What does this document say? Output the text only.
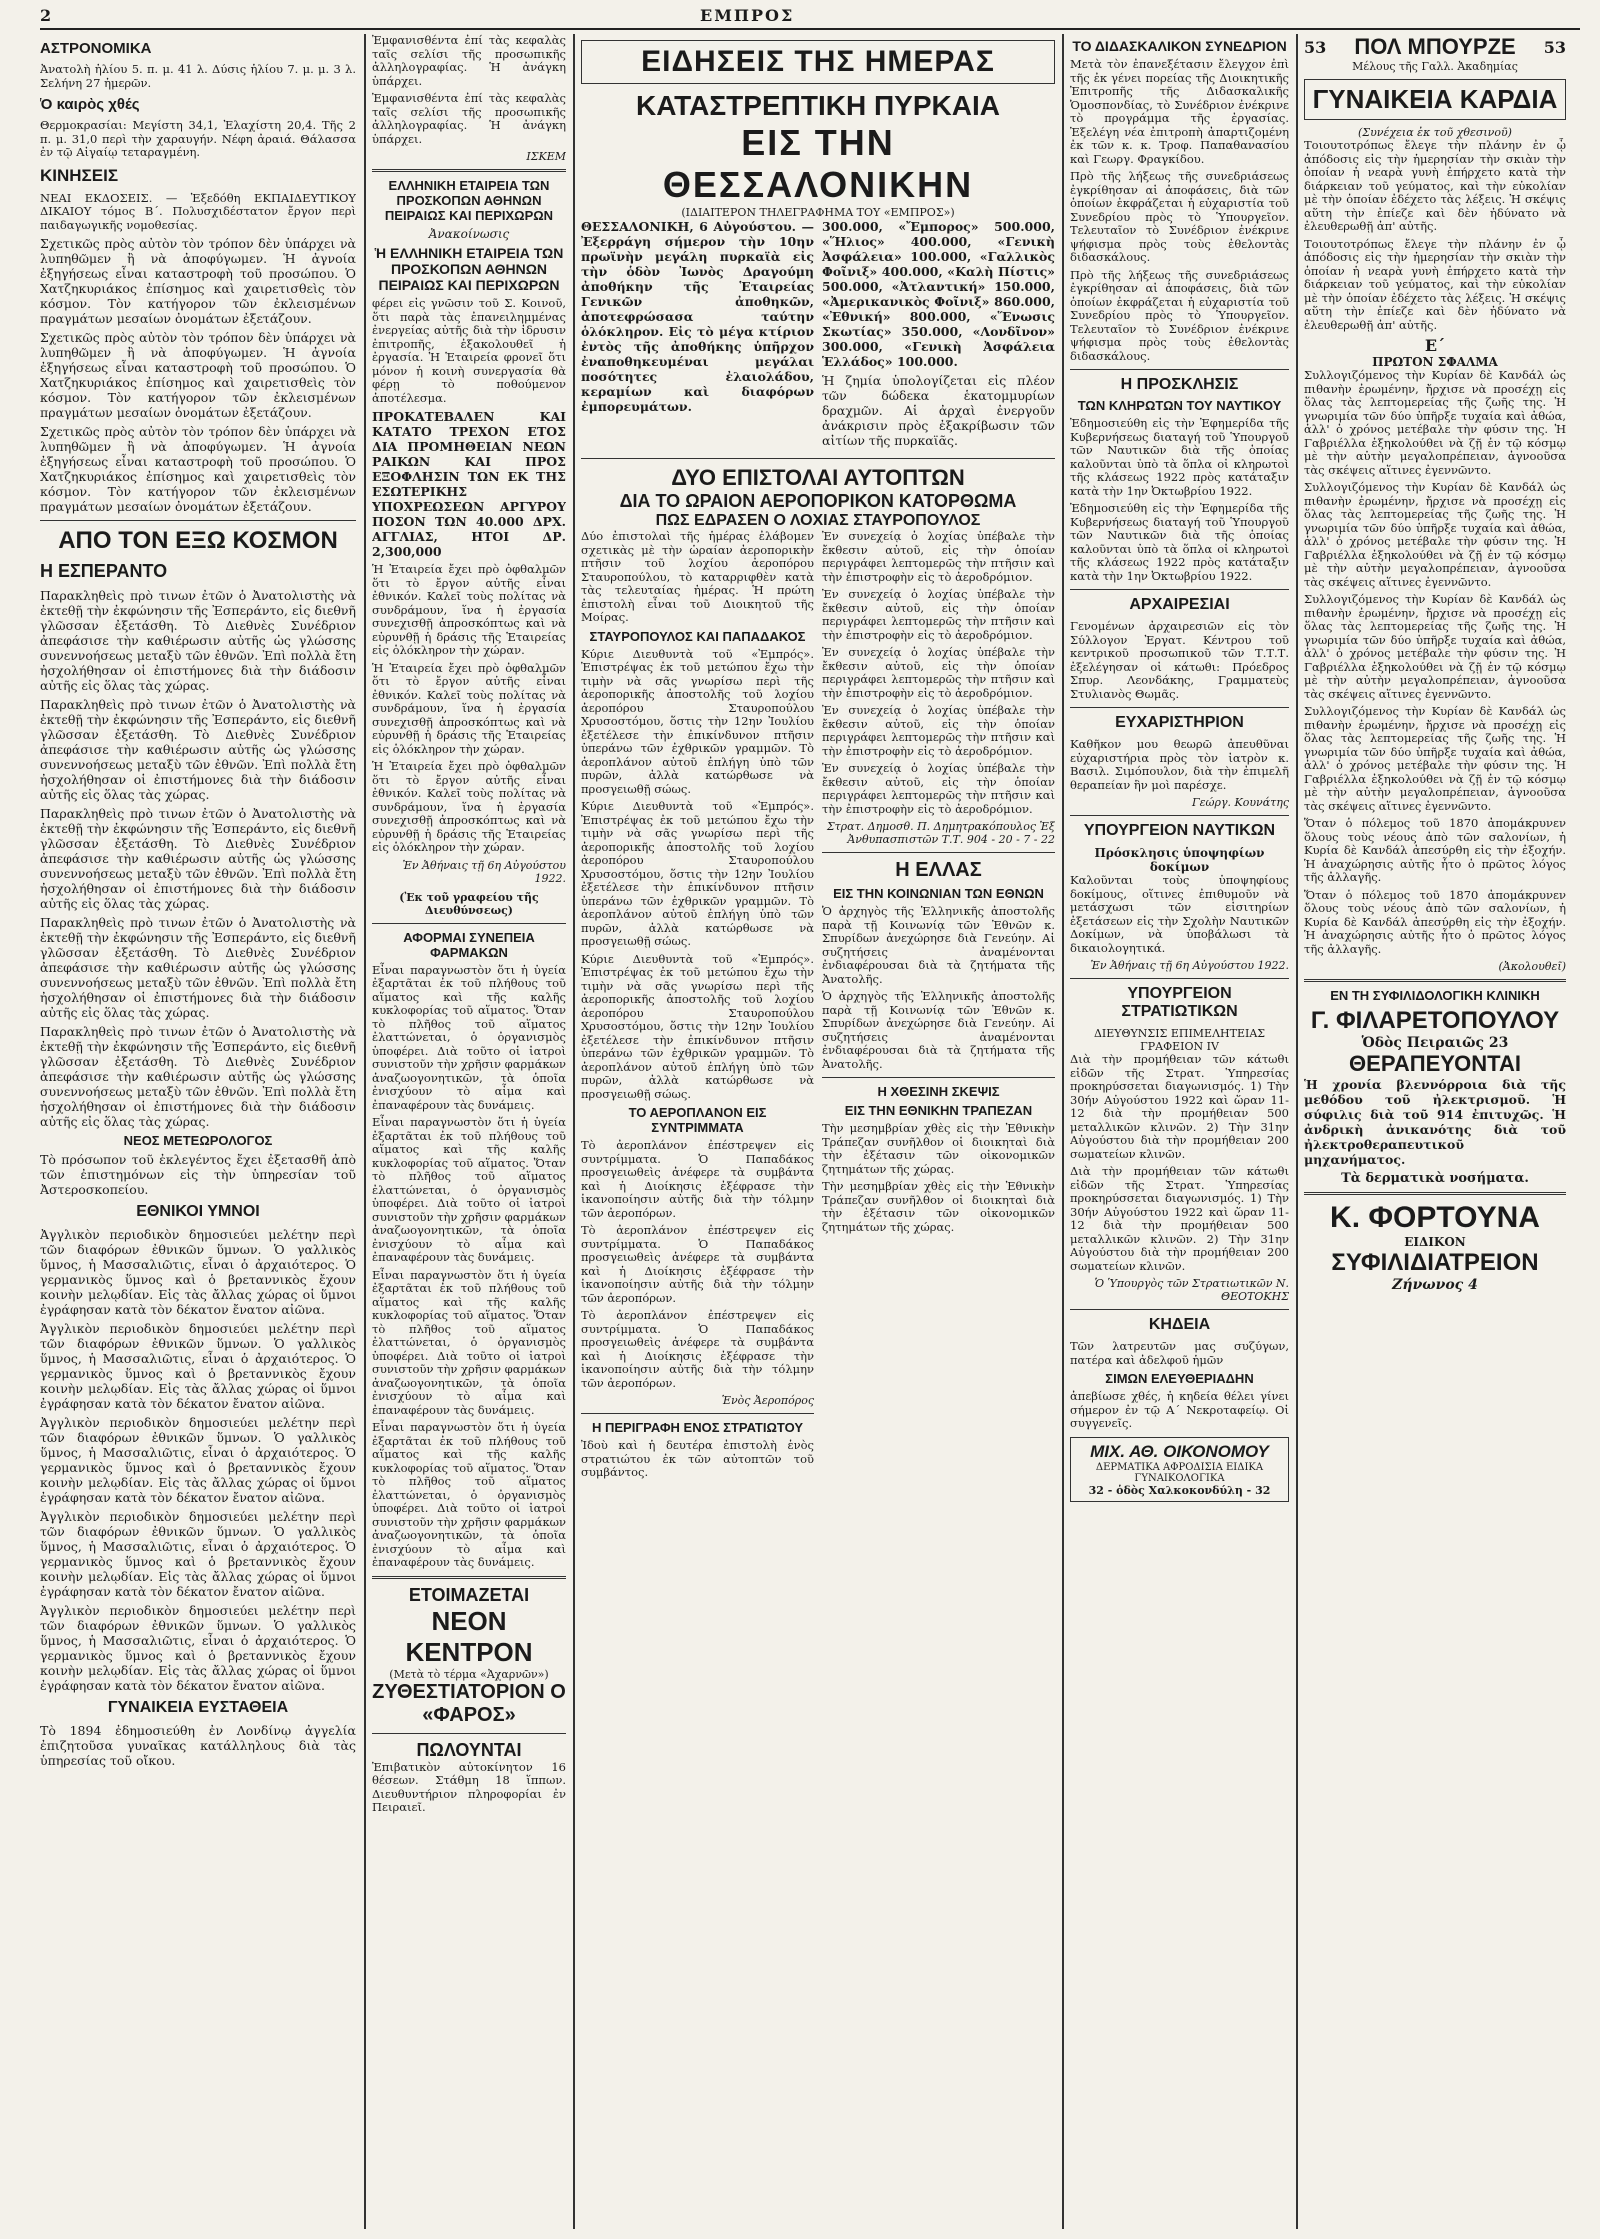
2	ΕΜΠΡΟΣ
ΑΣΤΡΟΝΟΜΙΚΑ

Ἀνατολὴ ἡλίου 5. π. μ. 41 λ. Δύσις ἡλίου 7. μ. μ. 3 λ. Σελήνη 27 ἡμερῶν.

Ὁ καιρὸς χθές

Θερμοκρασίαι: Μεγίστη 34,1, Ἐλαχίστη 20,4. Τῆς 2 π. μ. 31,0 περὶ τὴν χαραυγήν. Νέφη ἀραιά. Θάλασσα ἐν τῷ Αἰγαίῳ τεταραγμένη.

ΚΙΝΗΣΕΙΣ

ΝΕΑΙ ΕΚΔΟΣΕΙΣ. — Ἐξεδόθη ΕΚΠΑΙΔΕΥΤΙΚΟΥ ΔΙΚΑΙΟΥ τόμος Β΄. Πολυσχιδέστατον ἔργον περὶ παιδαγωγικῆς νομοθεσίας.

Σχετικῶς πρὸς αὐτὸν τὸν τρόπον δὲν ὑπάρχει νὰ λυπηθῶμεν ἢ νὰ ἀποφύγωμεν. Ἡ ἀγνοία ἐξηγήσεως εἶναι καταστροφὴ τοῦ προσώπου. Ὁ Χατζηκυριάκος ἐπίσημος καὶ χαιρετισθεὶς τὸν κόσμον. Τὸν κατήγορον τῶν ἐκλεισμένων πραγμάτων μεσαίων ὀνομάτων ἐξετάζουν.

Σχετικῶς πρὸς αὐτὸν τὸν τρόπον δὲν ὑπάρχει νὰ λυπηθῶμεν ἢ νὰ ἀποφύγωμεν. Ἡ ἀγνοία ἐξηγήσεως εἶναι καταστροφὴ τοῦ προσώπου. Ὁ Χατζηκυριάκος ἐπίσημος καὶ χαιρετισθεὶς τὸν κόσμον. Τὸν κατήγορον τῶν ἐκλεισμένων πραγμάτων μεσαίων ὀνομάτων ἐξετάζουν.

Σχετικῶς πρὸς αὐτὸν τὸν τρόπον δὲν ὑπάρχει νὰ λυπηθῶμεν ἢ νὰ ἀποφύγωμεν. Ἡ ἀγνοία ἐξηγήσεως εἶναι καταστροφὴ τοῦ προσώπου. Ὁ Χατζηκυριάκος ἐπίσημος καὶ χαιρετισθεὶς τὸν κόσμον. Τὸν κατήγορον τῶν ἐκλεισμένων πραγμάτων μεσαίων ὀνομάτων ἐξετάζουν.

ΑΠΟ ΤΟΝ ΕΞΩ ΚΟΣΜΟΝ
Η ΕΣΠΕΡΑΝΤΟ

Παρακληθεὶς πρὸ τινων ἐτῶν ὁ Ἀνατολιστὴς νὰ ἐκτεθῇ τὴν ἐκφώνησιν τῆς Ἐσπεράντο, εἰς διεθνῆ γλῶσσαν ἐξετάσθη. Τὸ Διεθνὲς Συνέδριον ἀπεφάσισε τὴν καθιέρωσιν αὐτῆς ὡς γλώσσης συνεννοήσεως μεταξὺ τῶν ἐθνῶν. Ἐπὶ πολλὰ ἔτη ἠσχολήθησαν οἱ ἐπιστήμονες διὰ τὴν διάδοσιν αὐτῆς εἰς ὅλας τὰς χώρας.

Παρακληθεὶς πρὸ τινων ἐτῶν ὁ Ἀνατολιστὴς νὰ ἐκτεθῇ τὴν ἐκφώνησιν τῆς Ἐσπεράντο, εἰς διεθνῆ γλῶσσαν ἐξετάσθη. Τὸ Διεθνὲς Συνέδριον ἀπεφάσισε τὴν καθιέρωσιν αὐτῆς ὡς γλώσσης συνεννοήσεως μεταξὺ τῶν ἐθνῶν. Ἐπὶ πολλὰ ἔτη ἠσχολήθησαν οἱ ἐπιστήμονες διὰ τὴν διάδοσιν αὐτῆς εἰς ὅλας τὰς χώρας.

Παρακληθεὶς πρὸ τινων ἐτῶν ὁ Ἀνατολιστὴς νὰ ἐκτεθῇ τὴν ἐκφώνησιν τῆς Ἐσπεράντο, εἰς διεθνῆ γλῶσσαν ἐξετάσθη. Τὸ Διεθνὲς Συνέδριον ἀπεφάσισε τὴν καθιέρωσιν αὐτῆς ὡς γλώσσης συνεννοήσεως μεταξὺ τῶν ἐθνῶν. Ἐπὶ πολλὰ ἔτη ἠσχολήθησαν οἱ ἐπιστήμονες διὰ τὴν διάδοσιν αὐτῆς εἰς ὅλας τὰς χώρας.

Παρακληθεὶς πρὸ τινων ἐτῶν ὁ Ἀνατολιστὴς νὰ ἐκτεθῇ τὴν ἐκφώνησιν τῆς Ἐσπεράντο, εἰς διεθνῆ γλῶσσαν ἐξετάσθη. Τὸ Διεθνὲς Συνέδριον ἀπεφάσισε τὴν καθιέρωσιν αὐτῆς ὡς γλώσσης συνεννοήσεως μεταξὺ τῶν ἐθνῶν. Ἐπὶ πολλὰ ἔτη ἠσχολήθησαν οἱ ἐπιστήμονες διὰ τὴν διάδοσιν αὐτῆς εἰς ὅλας τὰς χώρας.

Παρακληθεὶς πρὸ τινων ἐτῶν ὁ Ἀνατολιστὴς νὰ ἐκτεθῇ τὴν ἐκφώνησιν τῆς Ἐσπεράντο, εἰς διεθνῆ γλῶσσαν ἐξετάσθη. Τὸ Διεθνὲς Συνέδριον ἀπεφάσισε τὴν καθιέρωσιν αὐτῆς ὡς γλώσσης συνεννοήσεως μεταξὺ τῶν ἐθνῶν. Ἐπὶ πολλὰ ἔτη ἠσχολήθησαν οἱ ἐπιστήμονες διὰ τὴν διάδοσιν αὐτῆς εἰς ὅλας τὰς χώρας.

ΝΕΟΣ ΜΕΤΕΩΡΟΛΟΓΟΣ

Τὸ πρόσωπον τοῦ ἐκλεγέντος ἔχει ἐξετασθῆ ἀπὸ τῶν ἐπιστημόνων εἰς τὴν ὑπηρεσίαν τοῦ Ἀστεροσκοπείου.

ΕΘΝΙΚΟΙ ΥΜΝΟΙ

Ἀγγλικὸν περιοδικὸν δημοσιεύει μελέτην περὶ τῶν διαφόρων ἐθνικῶν ὕμνων. Ὁ γαλλικὸς ὕμνος, ἡ Μασσαλιῶτις, εἶναι ὁ ἀρχαιότερος. Ὁ γερμανικὸς ὕμνος καὶ ὁ βρεταννικὸς ἔχουν κοινὴν μελῳδίαν. Εἰς τὰς ἄλλας χώρας οἱ ὕμνοι ἐγράφησαν κατὰ τὸν δέκατον ἔνατον αἰῶνα.

Ἀγγλικὸν περιοδικὸν δημοσιεύει μελέτην περὶ τῶν διαφόρων ἐθνικῶν ὕμνων. Ὁ γαλλικὸς ὕμνος, ἡ Μασσαλιῶτις, εἶναι ὁ ἀρχαιότερος. Ὁ γερμανικὸς ὕμνος καὶ ὁ βρεταννικὸς ἔχουν κοινὴν μελῳδίαν. Εἰς τὰς ἄλλας χώρας οἱ ὕμνοι ἐγράφησαν κατὰ τὸν δέκατον ἔνατον αἰῶνα.

Ἀγγλικὸν περιοδικὸν δημοσιεύει μελέτην περὶ τῶν διαφόρων ἐθνικῶν ὕμνων. Ὁ γαλλικὸς ὕμνος, ἡ Μασσαλιῶτις, εἶναι ὁ ἀρχαιότερος. Ὁ γερμανικὸς ὕμνος καὶ ὁ βρεταννικὸς ἔχουν κοινὴν μελῳδίαν. Εἰς τὰς ἄλλας χώρας οἱ ὕμνοι ἐγράφησαν κατὰ τὸν δέκατον ἔνατον αἰῶνα.

Ἀγγλικὸν περιοδικὸν δημοσιεύει μελέτην περὶ τῶν διαφόρων ἐθνικῶν ὕμνων. Ὁ γαλλικὸς ὕμνος, ἡ Μασσαλιῶτις, εἶναι ὁ ἀρχαιότερος. Ὁ γερμανικὸς ὕμνος καὶ ὁ βρεταννικὸς ἔχουν κοινὴν μελῳδίαν. Εἰς τὰς ἄλλας χώρας οἱ ὕμνοι ἐγράφησαν κατὰ τὸν δέκατον ἔνατον αἰῶνα.

Ἀγγλικὸν περιοδικὸν δημοσιεύει μελέτην περὶ τῶν διαφόρων ἐθνικῶν ὕμνων. Ὁ γαλλικὸς ὕμνος, ἡ Μασσαλιῶτις, εἶναι ὁ ἀρχαιότερος. Ὁ γερμανικὸς ὕμνος καὶ ὁ βρεταννικὸς ἔχουν κοινὴν μελῳδίαν. Εἰς τὰς ἄλλας χώρας οἱ ὕμνοι ἐγράφησαν κατὰ τὸν δέκατον ἔνατον αἰῶνα.

ΓΥΝΑΙΚΕΙΑ ΕΥΣΤΑΘΕΙΑ

Τὸ 1894 ἐδημοσιεύθη ἐν Λονδίνῳ ἀγγελία ἐπιζητοῦσα γυναῖκας κατάλληλους διὰ τὰς ὑπηρεσίας τοῦ οἴκου.

Ἐμφανισθέντα ἐπί τὰς κεφαλὰς ταῖς σελίσι τῆς προσωπικῆς ἀλληλογραφίας. Ἡ ἀνάγκη ὑπάρχει.

Ἐμφανισθέντα ἐπί τὰς κεφαλὰς ταῖς σελίσι τῆς προσωπικῆς ἀλληλογραφίας. Ἡ ἀνάγκη ὑπάρχει.

ΙΣΚΕΜ
ΕΛΛΗΝΙΚΗ ΕΤΑΙΡΕΙΑ ΤΩΝ ΠΡΟΣΚΟΠΩΝ ΑΘΗΝΩΝ ΠΕΙΡΑΙΩΣ ΚΑΙ ΠΕΡΙΧΩΡΩΝ
Ἀνακοίνωσις
Ἡ ΕΛΛΗΝΙΚΗ ΕΤΑΙΡΕΙΑ ΤΩΝ ΠΡΟΣΚΟΠΩΝ ΑΘΗΝΩΝ ΠΕΙΡΑΙΩΣ ΚΑΙ ΠΕΡΙΧΩΡΩΝ

φέρει εἰς γνῶσιν τοῦ Σ. Κοινοῦ, ὅτι παρὰ τὰς ἐπανειλημμένας ἐνεργείας αὐτῆς διὰ τὴν ἱδρυσιν ἐπιτροπῆς, ἐξακολουθεῖ ἡ ἐργασία. Ἡ Ἑταιρεία φρονεῖ ὅτι μόνον ἡ κοινὴ συνεργασία θὰ φέρῃ τὸ ποθούμενον ἀποτέλεσμα.

ΠΡΟΚΑΤΕΒΑΛΕΝ ΚΑΙ ΚΑΤΑΤΟ ΤΡΕΧΟΝ ΕΤΟΣ ΔΙΑ ΠΡΟΜΗΘΕΙΑΝ ΝΕΩΝ ΡΑΙΚΩΝ ΚΑΙ ΠΡΟΣ ΕΞΟΦΛΗΣΙΝ ΤΩΝ ΕΚ ΤΗΣ ΕΣΩΤΕΡΙΚΗΣ ΥΠΟΧΡΕΩΣΕΩΝ ΑΡΓΥΡΟΥ ΠΟΣΟΝ ΤΩΝ 40.000 ΔΡΧ. ΑΓΓΛΙΑΣ, ΗΤΟΙ ΔΡ. 2,300,000

Ἡ Ἑταιρεία ἔχει πρὸ ὀφθαλμῶν ὅτι τὸ ἔργον αὐτῆς εἶναι ἐθνικόν. Καλεῖ τοὺς πολίτας νὰ συνδράμουν, ἵνα ἡ ἐργασία συνεχισθῇ ἀπροσκόπτως καὶ νὰ εὐρυνθῇ ἡ δράσις τῆς Ἑταιρείας εἰς ὁλόκληρον τὴν χώραν.

Ἡ Ἑταιρεία ἔχει πρὸ ὀφθαλμῶν ὅτι τὸ ἔργον αὐτῆς εἶναι ἐθνικόν. Καλεῖ τοὺς πολίτας νὰ συνδράμουν, ἵνα ἡ ἐργασία συνεχισθῇ ἀπροσκόπτως καὶ νὰ εὐρυνθῇ ἡ δράσις τῆς Ἑταιρείας εἰς ὁλόκληρον τὴν χώραν.

Ἡ Ἑταιρεία ἔχει πρὸ ὀφθαλμῶν ὅτι τὸ ἔργον αὐτῆς εἶναι ἐθνικόν. Καλεῖ τοὺς πολίτας νὰ συνδράμουν, ἵνα ἡ ἐργασία συνεχισθῇ ἀπροσκόπτως καὶ νὰ εὐρυνθῇ ἡ δράσις τῆς Ἑταιρείας εἰς ὁλόκληρον τὴν χώραν.

Ἐν Ἀθήναις τῇ 6η Αὐγούστου 1922.
(Ἐκ τοῦ γραφείου τῆς Διευθύνσεως)
ΑΦΟΡΜΑΙ ΣΥΝΕΠΕΙΑ ΦΑΡΜΑΚΩΝ

Εἶναι παραγνωστὸν ὅτι ἡ ὑγεία ἐξαρτᾶται ἐκ τοῦ πλήθους τοῦ αἵματος καὶ τῆς καλῆς κυκλοφορίας τοῦ αἵματος. Ὅταν τὸ πλῆθος τοῦ αἵματος ἐλαττώνεται, ὁ ὀργανισμὸς ὑποφέρει. Διὰ τοῦτο οἱ ἰατροὶ συνιστοῦν τὴν χρῆσιν φαρμάκων ἀναζωογονητικῶν, τὰ ὁποῖα ἐνισχύουν τὸ αἷμα καὶ ἐπαναφέρουν τὰς δυνάμεις.

Εἶναι παραγνωστὸν ὅτι ἡ ὑγεία ἐξαρτᾶται ἐκ τοῦ πλήθους τοῦ αἵματος καὶ τῆς καλῆς κυκλοφορίας τοῦ αἵματος. Ὅταν τὸ πλῆθος τοῦ αἵματος ἐλαττώνεται, ὁ ὀργανισμὸς ὑποφέρει. Διὰ τοῦτο οἱ ἰατροὶ συνιστοῦν τὴν χρῆσιν φαρμάκων ἀναζωογονητικῶν, τὰ ὁποῖα ἐνισχύουν τὸ αἷμα καὶ ἐπαναφέρουν τὰς δυνάμεις.

Εἶναι παραγνωστὸν ὅτι ἡ ὑγεία ἐξαρτᾶται ἐκ τοῦ πλήθους τοῦ αἵματος καὶ τῆς καλῆς κυκλοφορίας τοῦ αἵματος. Ὅταν τὸ πλῆθος τοῦ αἵματος ἐλαττώνεται, ὁ ὀργανισμὸς ὑποφέρει. Διὰ τοῦτο οἱ ἰατροὶ συνιστοῦν τὴν χρῆσιν φαρμάκων ἀναζωογονητικῶν, τὰ ὁποῖα ἐνισχύουν τὸ αἷμα καὶ ἐπαναφέρουν τὰς δυνάμεις.

Εἶναι παραγνωστὸν ὅτι ἡ ὑγεία ἐξαρτᾶται ἐκ τοῦ πλήθους τοῦ αἵματος καὶ τῆς καλῆς κυκλοφορίας τοῦ αἵματος. Ὅταν τὸ πλῆθος τοῦ αἵματος ἐλαττώνεται, ὁ ὀργανισμὸς ὑποφέρει. Διὰ τοῦτο οἱ ἰατροὶ συνιστοῦν τὴν χρῆσιν φαρμάκων ἀναζωογονητικῶν, τὰ ὁποῖα ἐνισχύουν τὸ αἷμα καὶ ἐπαναφέρουν τὰς δυνάμεις.

ΕΤΟΙΜΑΖΕΤΑΙ
ΝΕΟΝ ΚΕΝΤΡΟΝ
(Μετὰ τὸ τέρμα «Ἀχαρνῶν»)
ΖΥΘΕΣΤΙΑΤΟΡΙΟΝ Ο «ΦΑΡΟΣ»
ΠΩΛΟΥΝΤΑΙ

Ἐπιβατικὸν αὐτοκίνητον 16 θέσεων. Στάθμη 18 ἵππων. Διευθυντήριον πληροφορίαι ἐν Πειραιεῖ.

ΕΙΔΗΣΕΙΣ ΤΗΣ ΗΜΕΡΑΣ
ΚΑΤΑΣΤΡΕΠΤΙΚΗ ΠΥΡΚΑΙΑ
ΕΙΣ ΤΗΝ ΘΕΣΣΑΛΟΝΙΚΗΝ
(ΙΔΙΑΙΤΕΡΟΝ ΤΗΛΕΓΡΑΦΗΜΑ ΤΟΥ «ΕΜΠΡΟΣ»)

ΘΕΣΣΑΛΟΝΙΚΗ, 6 Αὐγούστου. — Ἐξερράγη σήμερον τὴν 10ην πρωϊνὴν μεγάλη πυρκαϊὰ εἰς τὴν ὁδὸν Ἰωνὸς Δραγούμη ἀποθήκην τῆς Ἑταιρείας Γενικῶν ἀποθηκῶν, ἀποτεφρώσασα ταύτην ὁλόκληρον. Εἰς τὸ μέγα κτίριον ἐντὸς τῆς ἀποθήκης ὑπῆρχον ἐναποθηκευμέναι μεγάλαι ποσότητες ἐλαιολάδου, κεραμίων καὶ διαφόρων ἐμπορευμάτων.

300.000, «Ἔμπορος» 500.000, «Ἥλιος» 400.000, «Γενικὴ Ἀσφάλεια» 100.000, «Γαλλικὸς Φοῖνιξ» 400.000, «Καλὴ Πίστις» 500.000, «Ἀτλαντική» 150.000, «Ἀμερικανικὸς Φοῖνιξ» 860.000, «Ἐθνική» 800.000, «Ἕνωσις Σκωτίας» 350.000, «Λονδῖνον» 300.000, «Γενικὴ Ἀσφάλεια Ἑλλάδος» 100.000.

Ἡ ζημία ὑπολογίζεται εἰς πλέον τῶν δώδεκα ἑκατομμυρίων δραχμῶν. Αἱ ἀρχαὶ ἐνεργοῦν ἀνάκρισιν πρὸς ἐξακρίβωσιν τῶν αἰτίων τῆς πυρκαϊᾶς.

ΔΥΟ ΕΠΙΣΤΟΛΑΙ ΑΥΤΟΠΤΩΝ
ΔΙΑ ΤΟ ΩΡΑΙΟΝ ΑΕΡΟΠΟΡΙΚΟΝ ΚΑΤΟΡΘΩΜΑ
ΠΩΣ ΕΔΡΑΣΕΝ Ο ΛΟΧΙΑΣ ΣΤΑΥΡΟΠΟΥΛΟΣ

Δύο ἐπιστολαὶ τῆς ἡμέρας ἐλάβομεν σχετικὰς μὲ τὴν ὡραίαν ἀεροπορικὴν πτῆσιν τοῦ λοχίου ἀεροπόρου Σταυροπούλου, τὸ καταρριφθὲν κατὰ τὰς τελευταίας ἡμέρας. Ἡ πρώτη ἐπιστολὴ εἶναι τοῦ Διοικητοῦ τῆς Μοίρας.

ΣΤΑΥΡΟΠΟΥΛΟΣ ΚΑΙ ΠΑΠΑΔΑΚΟΣ

Κύριε Διευθυντὰ τοῦ «Ἐμπρός». Ἐπιστρέψας ἐκ τοῦ μετώπου ἔχω τὴν τιμὴν νὰ σᾶς γνωρίσω περὶ τῆς ἀεροπορικῆς ἀποστολῆς τοῦ λοχίου ἀεροπόρου Σταυροπούλου Χρυσοστόμου, ὅστις τὴν 12ην Ἰουλίου ἐξετέλεσε τὴν ἐπικίνδυνον πτῆσιν ὑπεράνω τῶν ἐχθρικῶν γραμμῶν. Τὸ ἀεροπλάνον αὐτοῦ ἐπλήγη ὑπὸ τῶν πυρῶν, ἀλλὰ κατώρθωσε νὰ προσγειωθῇ σώως.

Κύριε Διευθυντὰ τοῦ «Ἐμπρός». Ἐπιστρέψας ἐκ τοῦ μετώπου ἔχω τὴν τιμὴν νὰ σᾶς γνωρίσω περὶ τῆς ἀεροπορικῆς ἀποστολῆς τοῦ λοχίου ἀεροπόρου Σταυροπούλου Χρυσοστόμου, ὅστις τὴν 12ην Ἰουλίου ἐξετέλεσε τὴν ἐπικίνδυνον πτῆσιν ὑπεράνω τῶν ἐχθρικῶν γραμμῶν. Τὸ ἀεροπλάνον αὐτοῦ ἐπλήγη ὑπὸ τῶν πυρῶν, ἀλλὰ κατώρθωσε νὰ προσγειωθῇ σώως.

Κύριε Διευθυντὰ τοῦ «Ἐμπρός». Ἐπιστρέψας ἐκ τοῦ μετώπου ἔχω τὴν τιμὴν νὰ σᾶς γνωρίσω περὶ τῆς ἀεροπορικῆς ἀποστολῆς τοῦ λοχίου ἀεροπόρου Σταυροπούλου Χρυσοστόμου, ὅστις τὴν 12ην Ἰουλίου ἐξετέλεσε τὴν ἐπικίνδυνον πτῆσιν ὑπεράνω τῶν ἐχθρικῶν γραμμῶν. Τὸ ἀεροπλάνον αὐτοῦ ἐπλήγη ὑπὸ τῶν πυρῶν, ἀλλὰ κατώρθωσε νὰ προσγειωθῇ σώως.

ΤΟ ΑΕΡΟΠΛΑΝΟΝ ΕΙΣ ΣΥΝΤΡΙΜΜΑΤΑ

Τὸ ἀεροπλάνον ἐπέστρεψεν εἰς συντρίμματα. Ὁ Παπαδάκος προσγειωθεὶς ἀνέφερε τὰ συμβάντα καὶ ἡ Διοίκησις ἐξέφρασε τὴν ἱκανοποίησιν αὐτῆς διὰ τὴν τόλμην τῶν ἀεροπόρων.

Τὸ ἀεροπλάνον ἐπέστρεψεν εἰς συντρίμματα. Ὁ Παπαδάκος προσγειωθεὶς ἀνέφερε τὰ συμβάντα καὶ ἡ Διοίκησις ἐξέφρασε τὴν ἱκανοποίησιν αὐτῆς διὰ τὴν τόλμην τῶν ἀεροπόρων.

Τὸ ἀεροπλάνον ἐπέστρεψεν εἰς συντρίμματα. Ὁ Παπαδάκος προσγειωθεὶς ἀνέφερε τὰ συμβάντα καὶ ἡ Διοίκησις ἐξέφρασε τὴν ἱκανοποίησιν αὐτῆς διὰ τὴν τόλμην τῶν ἀεροπόρων.

Ἑνὸς Ἀεροπόρος
Η ΠΕΡΙΓΡΑΦΗ ΕΝΟΣ ΣΤΡΑΤΙΩΤΟΥ

Ἰδοὺ καὶ ἡ δευτέρα ἐπιστολὴ ἑνὸς στρατιώτου ἐκ τῶν αὐτοπτῶν τοῦ συμβάντος.

Ἐν συνεχείᾳ ὁ λοχίας ὑπέβαλε τὴν ἔκθεσιν αὐτοῦ, εἰς τὴν ὁποίαν περιγράφει λεπτομερῶς τὴν πτῆσιν καὶ τὴν ἐπιστροφὴν εἰς τὸ ἀεροδρόμιον.

Ἐν συνεχείᾳ ὁ λοχίας ὑπέβαλε τὴν ἔκθεσιν αὐτοῦ, εἰς τὴν ὁποίαν περιγράφει λεπτομερῶς τὴν πτῆσιν καὶ τὴν ἐπιστροφὴν εἰς τὸ ἀεροδρόμιον.

Ἐν συνεχείᾳ ὁ λοχίας ὑπέβαλε τὴν ἔκθεσιν αὐτοῦ, εἰς τὴν ὁποίαν περιγράφει λεπτομερῶς τὴν πτῆσιν καὶ τὴν ἐπιστροφὴν εἰς τὸ ἀεροδρόμιον.

Ἐν συνεχείᾳ ὁ λοχίας ὑπέβαλε τὴν ἔκθεσιν αὐτοῦ, εἰς τὴν ὁποίαν περιγράφει λεπτομερῶς τὴν πτῆσιν καὶ τὴν ἐπιστροφὴν εἰς τὸ ἀεροδρόμιον.

Ἐν συνεχείᾳ ὁ λοχίας ὑπέβαλε τὴν ἔκθεσιν αὐτοῦ, εἰς τὴν ὁποίαν περιγράφει λεπτομερῶς τὴν πτῆσιν καὶ τὴν ἐπιστροφὴν εἰς τὸ ἀεροδρόμιον.

Στρατ. Δημοσθ. Π. Δημητρακόπουλος Ἐξ Ἀνθυπασπιστῶν Τ.Τ. 904 - 20 - 7 - 22
Η ΕΛΛΑΣ
ΕΙΣ ΤΗΝ ΚΟΙΝΩΝΙΑΝ ΤΩΝ ΕΘΝΩΝ

Ὁ ἀρχηγὸς τῆς Ἑλληνικῆς ἀποστολῆς παρὰ τῇ Κοινωνίᾳ τῶν Ἐθνῶν κ. Σπυρίδων ἀνεχώρησε διὰ Γενεύην. Αἱ συζητήσεις ἀναμένονται ἐνδιαφέρουσαι διὰ τὰ ζητήματα τῆς Ἀνατολῆς.

Ὁ ἀρχηγὸς τῆς Ἑλληνικῆς ἀποστολῆς παρὰ τῇ Κοινωνίᾳ τῶν Ἐθνῶν κ. Σπυρίδων ἀνεχώρησε διὰ Γενεύην. Αἱ συζητήσεις ἀναμένονται ἐνδιαφέρουσαι διὰ τὰ ζητήματα τῆς Ἀνατολῆς.

Η ΧΘΕΣΙΝΗ ΣΚΕΨΙΣ
ΕΙΣ ΤΗΝ ΕΘΝΙΚΗΝ ΤΡΑΠΕΖΑΝ

Τὴν μεσημβρίαν χθὲς εἰς τὴν Ἐθνικὴν Τράπεζαν συνῆλθον οἱ διοικηταὶ διὰ τὴν ἐξέτασιν τῶν οἰκονομικῶν ζητημάτων τῆς χώρας.

Τὴν μεσημβρίαν χθὲς εἰς τὴν Ἐθνικὴν Τράπεζαν συνῆλθον οἱ διοικηταὶ διὰ τὴν ἐξέτασιν τῶν οἰκονομικῶν ζητημάτων τῆς χώρας.

ΤΟ ΔΙΔΑΣΚΑΛΙΚΟΝ ΣΥΝΕΔΡΙΟΝ

Μετὰ τὸν ἐπανεξέτασιν ἔλεγχον ἐπὶ τῆς ἐκ γένει πορείας τῆς Διοικητικῆς Ἐπιτροπῆς τῆς Διδασκαλικῆς Ὁμοσπονδίας, τὸ Συνέδριον ἐνέκρινε τὸ προγράμμα τῆς ἐργασίας. Ἐξελέγη νέα ἐπιτροπὴ ἀπαρτιζομένη ἐκ τῶν κ. κ. Τροφ. Παπαθανασίου καὶ Γεωργ. Φραγκίδου.

Πρὸ τῆς λήξεως τῆς συνεδριάσεως ἐγκρίθησαν αἱ ἀποφάσεις, διὰ τῶν ὁποίων ἐκφράζεται ἡ εὐχαριστία τοῦ Συνεδρίου πρὸς τὸ Ὑπουργεῖον. Τελευταῖον τὸ Συνέδριον ἐνέκρινε ψήφισμα πρὸς τοὺς ἐθελοντὰς διδασκάλους.

Πρὸ τῆς λήξεως τῆς συνεδριάσεως ἐγκρίθησαν αἱ ἀποφάσεις, διὰ τῶν ὁποίων ἐκφράζεται ἡ εὐχαριστία τοῦ Συνεδρίου πρὸς τὸ Ὑπουργεῖον. Τελευταῖον τὸ Συνέδριον ἐνέκρινε ψήφισμα πρὸς τοὺς ἐθελοντὰς διδασκάλους.

Η ΠΡΟΣΚΛΗΣΙΣ
ΤΩΝ ΚΛΗΡΩΤΩΝ ΤΟΥ ΝΑΥΤΙΚΟΥ

Ἐδημοσιεύθη εἰς τὴν Ἐφημερίδα τῆς Κυβερνήσεως διαταγή τοῦ Ὑπουργοῦ τῶν Ναυτικῶν διὰ τῆς ὁποίας καλοῦνται ὑπὸ τὰ ὅπλα οἱ κληρωτοὶ τῆς κλάσεως 1922 πρὸς κατάταξιν κατὰ τὴν 1ην Ὀκτωβρίου 1922.

Ἐδημοσιεύθη εἰς τὴν Ἐφημερίδα τῆς Κυβερνήσεως διαταγή τοῦ Ὑπουργοῦ τῶν Ναυτικῶν διὰ τῆς ὁποίας καλοῦνται ὑπὸ τὰ ὅπλα οἱ κληρωτοὶ τῆς κλάσεως 1922 πρὸς κατάταξιν κατὰ τὴν 1ην Ὀκτωβρίου 1922.

ΑΡΧΑΙΡΕΣΙΑΙ

Γενομένων ἀρχαιρεσιῶν εἰς τὸν Σύλλογον Ἐργατ. Κέντρου τοῦ κεντρικοῦ προσωπικοῦ τῶν Τ.Τ.Τ. ἐξελέγησαν οἱ κάτωθι: Πρόεδρος Σπυρ. Λεονδάκης, Γραμματεὺς Στυλιανὸς Θωμᾶς.

ΕΥΧΑΡΙΣΤΗΡΙΟΝ

Καθῆκον μου θεωρῶ ἀπευθῦναι εὐχαριστήρια πρὸς τὸν ἰατρὸν κ. Βασιλ. Σιμόπουλον, διὰ τὴν ἐπιμελῆ θεραπείαν ἣν μοὶ παρέσχε.

Γεώργ. Κουνάτης
ΥΠΟΥΡΓΕΙΟΝ ΝΑΥΤΙΚΩΝ
Πρόσκλησις ὑποψηφίων δοκίμων

Καλοῦνται τοὺς ὑποψηφίους δοκίμους, οἵτινες ἐπιθυμοῦν νὰ μετάσχωσι τῶν εἰσιτηρίων ἐξετάσεων εἰς τὴν Σχολὴν Ναυτικῶν Δοκίμων, νὰ ὑποβάλωσι τὰ δικαιολογητικά.

Ἐν Ἀθήναις τῇ 6η Αὐγούστου 1922.
ΥΠΟΥΡΓΕΙΟΝ ΣΤΡΑΤΙΩΤΙΚΩΝ
ΔΙΕΥΘΥΝΣΙΣ ΕΠΙΜΕΛΗΤΕΙΑΣ
ΓΡΑΦΕΙΟΝ IV

Διὰ τὴν προμήθειαν τῶν κάτωθι εἰδῶν τῆς Στρατ. Ὑπηρεσίας προκηρύσσεται διαγωνισμός. 1) Τὴν 30ήν Αὐγούστου 1922 καὶ ὥραν 11-12 διὰ τὴν προμήθειαν 500 μεταλλικῶν κλινῶν. 2) Τὴν 31ην Αὐγούστου διὰ τὴν προμήθειαν 200 σωματείων κλινῶν.

Διὰ τὴν προμήθειαν τῶν κάτωθι εἰδῶν τῆς Στρατ. Ὑπηρεσίας προκηρύσσεται διαγωνισμός. 1) Τὴν 30ήν Αὐγούστου 1922 καὶ ὥραν 11-12 διὰ τὴν προμήθειαν 500 μεταλλικῶν κλινῶν. 2) Τὴν 31ην Αὐγούστου διὰ τὴν προμήθειαν 200 σωματείων κλινῶν.

Ὁ Ὑπουργὸς τῶν Στρατιωτικῶν Ν. ΘΕΟΤΟΚΗΣ
ΚΗΔΕΙΑ

Τῶν λατρευτῶν μας συζύγων, πατέρα καὶ ἀδελφοῦ ἡμῶν

ΣΙΜΩΝ ΕΛΕΥΘΕΡΙΑΔΗΝ

ἀπεβίωσε χθές, ἡ κηδεία θέλει γίνει σήμερον ἐν τῷ Α΄ Νεκροταφείῳ. Οἱ συγγενεῖς.

ΜΙΧ. ΑΘ. ΟΙΚΟΝΟΜΟΥ
ΔΕΡΜΑΤΙΚΑ ΑΦΡΟΔΙΣΙΑ ΕΙΔΙΚΑ ΓΥΝΑΙΚΟΛΟΓΙΚΑ
32 - ὁδὸς Χαλκοκονδύλη - 32
53 ΠΟΛ ΜΠΟΥΡΖΕ 53
Μέλους τῆς Γαλλ. Ἀκαδημίας
ΓΥΝΑΙΚΕΙΑ ΚΑΡΔΙΑ
(Συνέχεια ἐκ τοῦ χθεσινοῦ)

Τοιουτοτρόπως ἔλεγε τὴν πλάνην ἐν ᾧ ἀπόδοσις εἰς τὴν ἡμερησίαν τὴν σκιὰν τὴν ὁποίαν ἡ νεαρὰ γυνὴ ἐπήρχετο κατὰ τὴν διάρκειαν τοῦ γεύματος, καὶ τὴν εὐκολίαν μὲ τὴν ὁποίαν ἐδέχετο τὰς λέξεις. Ἡ σκέψις αὕτη τὴν ἐπίεζε καὶ δὲν ἠδύνατο νὰ ἐλευθερωθῇ ἀπ' αὐτῆς.

Τοιουτοτρόπως ἔλεγε τὴν πλάνην ἐν ᾧ ἀπόδοσις εἰς τὴν ἡμερησίαν τὴν σκιὰν τὴν ὁποίαν ἡ νεαρὰ γυνὴ ἐπήρχετο κατὰ τὴν διάρκειαν τοῦ γεύματος, καὶ τὴν εὐκολίαν μὲ τὴν ὁποίαν ἐδέχετο τὰς λέξεις. Ἡ σκέψις αὕτη τὴν ἐπίεζε καὶ δὲν ἠδύνατο νὰ ἐλευθερωθῇ ἀπ' αὐτῆς.

Ε΄
ΠΡΩΤΟΝ ΣΦΑΛΜΑ

Συλλογιζόμενος τὴν Κυρίαν δὲ Κανδάλ ὡς πιθανὴν ἐρωμένην, ἤρχισε νὰ προσέχῃ εἰς ὅλας τὰς λεπτομερείας τῆς ζωῆς της. Ἡ γνωριμία τῶν δύο ὑπῆρξε τυχαία καὶ ἀθώα, ἀλλ' ὁ χρόνος μετέβαλε τὴν φύσιν της. Ἡ Γαβριέλλα ἐξηκολούθει νὰ ζῇ ἐν τῷ κόσμῳ μὲ τὴν αὐτὴν μεγαλοπρέπειαν, ἀγνοοῦσα τὰς σκέψεις αἵτινες ἐγεννῶντο.

Συλλογιζόμενος τὴν Κυρίαν δὲ Κανδάλ ὡς πιθανὴν ἐρωμένην, ἤρχισε νὰ προσέχῃ εἰς ὅλας τὰς λεπτομερείας τῆς ζωῆς της. Ἡ γνωριμία τῶν δύο ὑπῆρξε τυχαία καὶ ἀθώα, ἀλλ' ὁ χρόνος μετέβαλε τὴν φύσιν της. Ἡ Γαβριέλλα ἐξηκολούθει νὰ ζῇ ἐν τῷ κόσμῳ μὲ τὴν αὐτὴν μεγαλοπρέπειαν, ἀγνοοῦσα τὰς σκέψεις αἵτινες ἐγεννῶντο.

Συλλογιζόμενος τὴν Κυρίαν δὲ Κανδάλ ὡς πιθανὴν ἐρωμένην, ἤρχισε νὰ προσέχῃ εἰς ὅλας τὰς λεπτομερείας τῆς ζωῆς της. Ἡ γνωριμία τῶν δύο ὑπῆρξε τυχαία καὶ ἀθώα, ἀλλ' ὁ χρόνος μετέβαλε τὴν φύσιν της. Ἡ Γαβριέλλα ἐξηκολούθει νὰ ζῇ ἐν τῷ κόσμῳ μὲ τὴν αὐτὴν μεγαλοπρέπειαν, ἀγνοοῦσα τὰς σκέψεις αἵτινες ἐγεννῶντο.

Συλλογιζόμενος τὴν Κυρίαν δὲ Κανδάλ ὡς πιθανὴν ἐρωμένην, ἤρχισε νὰ προσέχῃ εἰς ὅλας τὰς λεπτομερείας τῆς ζωῆς της. Ἡ γνωριμία τῶν δύο ὑπῆρξε τυχαία καὶ ἀθώα, ἀλλ' ὁ χρόνος μετέβαλε τὴν φύσιν της. Ἡ Γαβριέλλα ἐξηκολούθει νὰ ζῇ ἐν τῷ κόσμῳ μὲ τὴν αὐτὴν μεγαλοπρέπειαν, ἀγνοοῦσα τὰς σκέψεις αἵτινες ἐγεννῶντο.

Ὅταν ὁ πόλεμος τοῦ 1870 ἀπομάκρυνεν ὅλους τοὺς νέους ἀπὸ τῶν σαλονίων, ἡ Κυρία δὲ Κανδάλ ἀπεσύρθη εἰς τὴν ἐξοχήν. Ἡ ἀναχώρησις αὐτῆς ἦτο ὁ πρῶτος λόγος τῆς ἀλλαγῆς.

Ὅταν ὁ πόλεμος τοῦ 1870 ἀπομάκρυνεν ὅλους τοὺς νέους ἀπὸ τῶν σαλονίων, ἡ Κυρία δὲ Κανδάλ ἀπεσύρθη εἰς τὴν ἐξοχήν. Ἡ ἀναχώρησις αὐτῆς ἦτο ὁ πρῶτος λόγος τῆς ἀλλαγῆς.

(Ἀκολουθεῖ)
ΕΝ ΤΗ ΣΥΦΙΛΙΔΟΛΟΓΙΚΗ ΚΛΙΝΙΚΗ
Γ. ΦΙΛΑΡΕΤΟΠΟΥΛΟΥ
Ὁδὸς Πειραιῶς 23
ΘΕΡΑΠΕΥΟΝΤΑΙ

Ἡ χρονία βλεννόρροια διὰ τῆς μεθόδου τοῦ ἠλεκτρισμοῦ. Ἡ σύφιλις διὰ τοῦ 914 ἐπιτυχῶς. Ἡ ἀνδρικὴ ἀνικανότης διὰ τοῦ ἠλεκτροθεραπευτικοῦ μηχανήματος.

Τὰ δερματικὰ νοσήματα.
Κ. ΦΟΡΤΟΥΝΑ
ΕΙΔΙΚΟΝ
ΣΥΦΙΛΙΔΙΑΤΡΕΙΟΝ
Ζήνωνος 4
